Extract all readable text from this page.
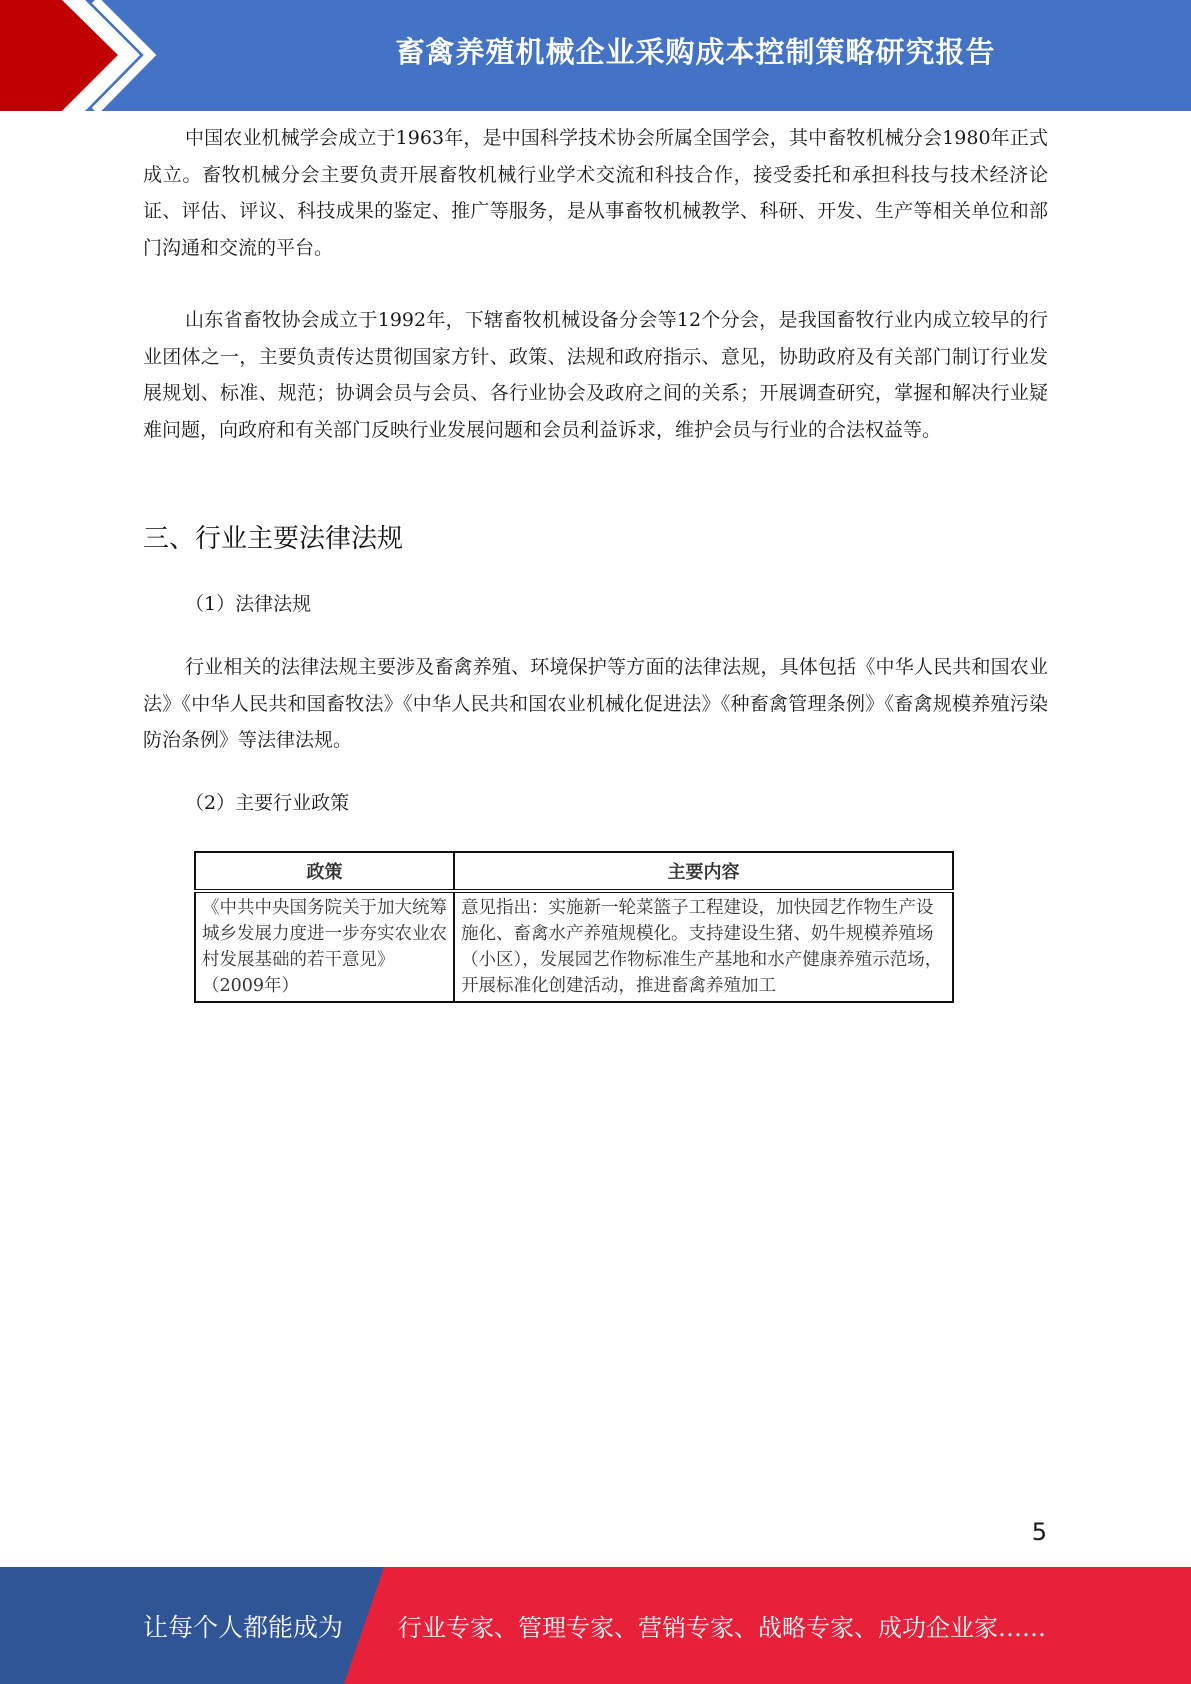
畜禽养殖机械企业采购成本控制策略研究报告

中国农业机械学会成立于1963年，是中国科学技术协会所属全国学会，其中畜牧机械分会1980年正式成立。畜牧机械分会主要负责开展畜牧机械行业学术交流和科技合作，接受委托和承担科技与技术经济论证、评估、评议、科技成果的鉴定、推广等服务，是从事畜牧机械教学、科研、开发、生产等相关单位和部门沟通和交流的平台。

山东省畜牧协会成立于1992年，下辖畜牧机械设备分会等12个分会，是我国畜牧行业内成立较早的行业团体之一，主要负责传达贯彻国家方针、政策、法规和政府指示、意见，协助政府及有关部门制订行业发展规划、标准、规范；协调会员与会员、各行业协会及政府之间的关系；开展调查研究，掌握和解决行业疑难问题，向政府和有关部门反映行业发展问题和会员利益诉求，维护会员与行业的合法权益等。

三、行业主要法律法规
（1）法律法规

行业相关的法律法规主要涉及畜禽养殖、环境保护等方面的法律法规，具体包括《中华人民共和国农业法》《中华人民共和国畜牧法》《中华人民共和国农业机械化促进法》《种畜禽管理条例》《畜禽规模养殖污染防治条例》等法律法规。

（2）主要行业政策
政策	主要内容
《中共中央国务院关于加大统筹城乡发展力度进一步夯实农业农村发展基础的若干意见》（2009年）	意见指出：实施新一轮菜篮子工程建设，加快园艺作物生产设施化、畜禽水产养殖规模化。支持建设生猪、奶牛规模养殖场（小区），发展园艺作物标准生产基地和水产健康养殖示范场，开展标准化创建活动，推进畜禽养殖加工
5
让每个人都能成为 行业专家、管理专家、营销专家、战略专家、成功企业家……
